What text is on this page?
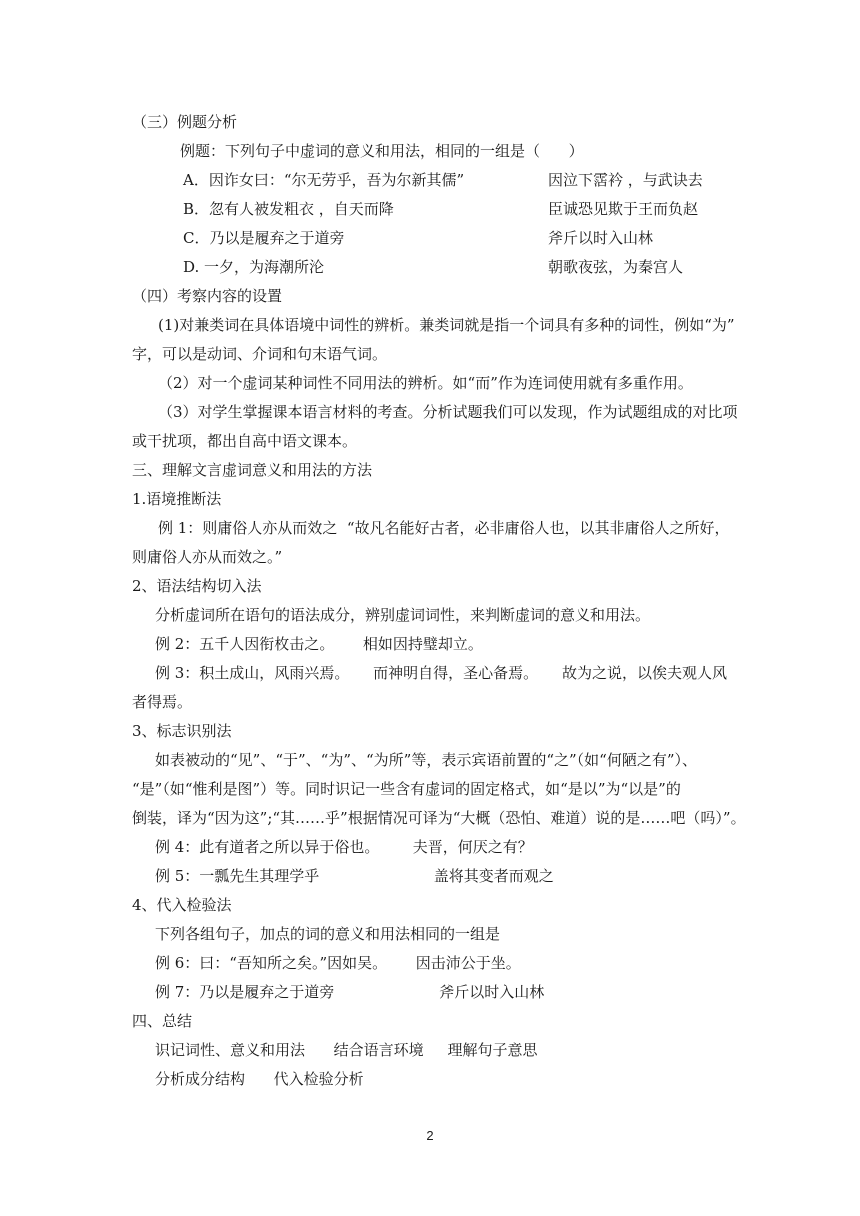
（三）例题分析
例题：下列句子中虚词的意义和用法，相同的一组是（      ）
A．因诈女曰：“尔无劳乎，吾为尔新其儒”	因泣下霑衿 ，与武诀去
B．忽有人被发粗衣 ，自天而降	臣诚恐见欺于王而负赵
C．乃以是履弃之于道旁	斧斤以时入山林
D. 一夕，为海潮所沦	朝歌夜弦，为秦宫人
（四）考察内容的设置
(1)对兼类词在具体语境中词性的辨析。兼类词就是指一个词具有多种的词性，例如“为”
字，可以是动词、介词和句末语气词。
（2）对一个虚词某种词性不同用法的辨析。如“而”作为连词使用就有多重作用。
（3）对学生掌握课本语言材料的考查。分析试题我们可以发现，作为试题组成的对比项
或干扰项，都出自高中语文课本。
三、理解文言虚词意义和用法的方法
1.语境推断法
例 1：则庸俗人亦从而效之  “故凡名能好古者，必非庸俗人也，以其非庸俗人之所好，
则庸俗人亦从而效之。”
2、语法结构切入法
分析虚词所在语句的语法成分，辨别虚词词性，来判断虚词的意义和用法。
例 2：五千人因衔枚击之。      相如因持璧却立。
例 3：积土成山，风雨兴焉。     而神明自得，圣心备焉。     故为之说，以俟夫观人风
者得焉。
3、标志识别法
如表被动的“见”、“于”、“为”、“为所”等，表示宾语前置的“之”（如“何陋之有”）、
“是”（如“惟利是图”）等。同时识记一些含有虚词的固定格式，如“是以”为“以是”的
倒装，译为“因为这”;“其……乎”根据情况可译为“大概（恐怕、难道）说的是……吧（吗）”。
例 4：此有道者之所以异于俗也。       夫晋，何厌之有？
例 5：一瓢先生其理学乎                        盖将其变者而观之
4、代入检验法
下列各组句子，加点的词的意义和用法相同的一组是
例 6：曰：“吾知所之矣。”因如吴。      因击沛公于坐。
例 7：乃以是履弃之于道旁                      斧斤以时入山林
四、总结
识记词性、意义和用法      结合语言环境     理解句子意思
分析成分结构      代入检验分析
2
